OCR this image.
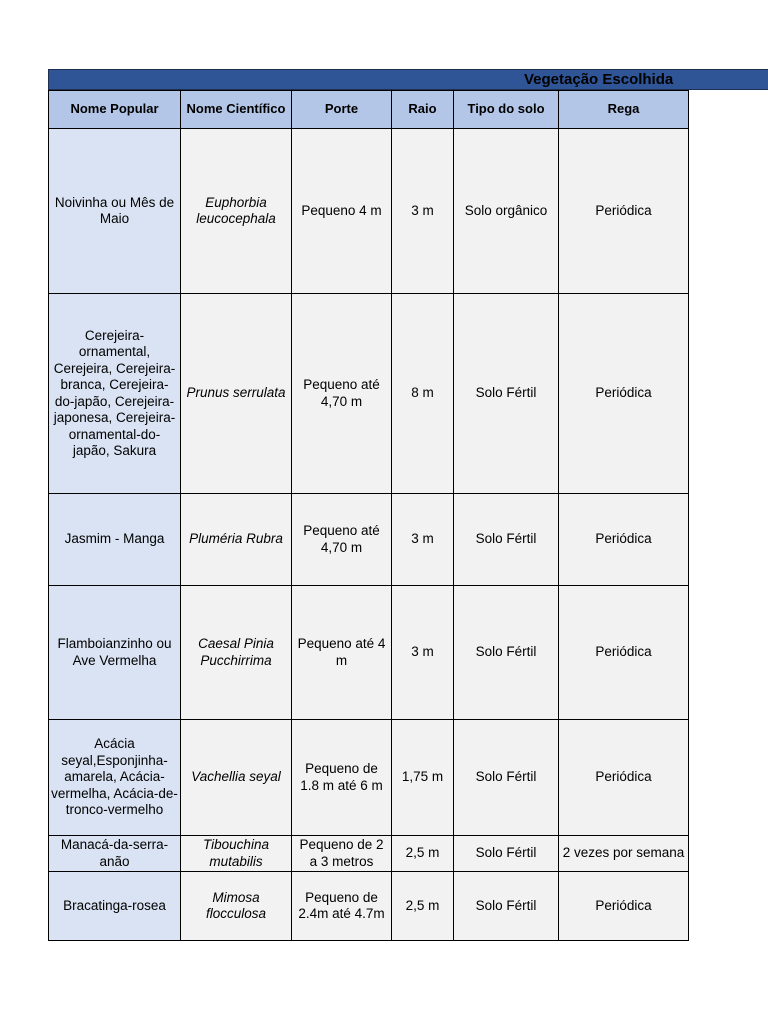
Vegetação Escolhida
Nome Popular	Nome Científico	Porte	Raio	Tipo do solo	Rega
Noivinha ou Mês de Maio	Euphorbia leucocephala	Pequeno 4 m	3 m	Solo orgânico	Periódica
Cerejeira-ornamental, Cerejeira, Cerejeira-branca, Cerejeira-do-japão, Cerejeira-japonesa, Cerejeira-ornamental-do-japão, Sakura	Prunus serrulata	Pequeno até 4,70 m	8 m	Solo Fértil	Periódica
Jasmim - Manga	Pluméria Rubra	Pequeno até 4,70 m	3 m	Solo Fértil	Periódica
Flamboianzinho ou Ave Vermelha	Caesal Pinia Pucchirrima	Pequeno até 4 m	3 m	Solo Fértil	Periódica
Acácia seyal,Esponjinha-amarela, Acácia-vermelha, Acácia-de-tronco-vermelho	Vachellia seyal	Pequeno de 1.8 m até 6 m	1,75 m	Solo Fértil	Periódica
Manacá-da-serra-anão	Tibouchina mutabilis	Pequeno de 2 a 3 metros	2,5 m	Solo Fértil	2 vezes por semana
Bracatinga-rosea	Mimosa flocculosa	Pequeno de 2.4m até 4.7m	2,5 m	Solo Fértil	Periódica
